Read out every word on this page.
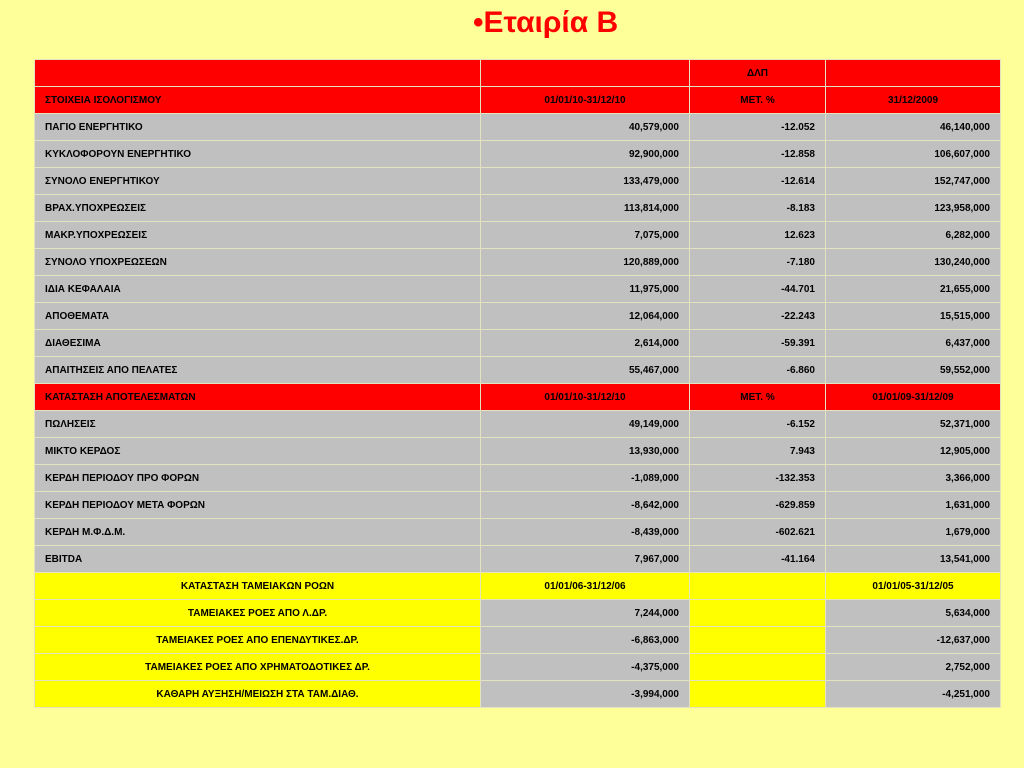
•Εταιρία Β
		ΔΛΠ	
ΣΤΟΙΧΕΙΑ ΙΣΟΛΟΓΙΣΜΟΥ	01/01/10-31/12/10	ΜΕΤ. %	31/12/2009
ΠΑΓΙΟ ΕΝΕΡΓΗΤΙΚΟ	40,579,000	-12.052	46,140,000
ΚΥΚΛΟΦΟΡΟΥΝ ΕΝΕΡΓΗΤΙΚΟ	92,900,000	-12.858	106,607,000
ΣΥΝΟΛΟ ΕΝΕΡΓΗΤΙΚΟΥ	133,479,000	-12.614	152,747,000
ΒΡΑΧ.ΥΠΟΧΡΕΩΣΕΙΣ	113,814,000	-8.183	123,958,000
ΜΑΚΡ.ΥΠΟΧΡΕΩΣΕΙΣ	7,075,000	12.623	6,282,000
ΣΥΝΟΛΟ ΥΠΟΧΡΕΩΣΕΩΝ	120,889,000	-7.180	130,240,000
ΙΔΙΑ ΚΕΦΑΛΑΙΑ	11,975,000	-44.701	21,655,000
ΑΠΟΘΕΜΑΤΑ	12,064,000	-22.243	15,515,000
ΔΙΑΘΕΣΙΜΑ	2,614,000	-59.391	6,437,000
ΑΠΑΙΤΗΣΕΙΣ ΑΠΟ ΠΕΛΑΤΕΣ	55,467,000	-6.860	59,552,000
ΚΑΤΑΣΤΑΣΗ ΑΠΟΤΕΛΕΣΜΑΤΩΝ	01/01/10-31/12/10	ΜΕΤ. %	01/01/09-31/12/09
ΠΩΛΗΣΕΙΣ	49,149,000	-6.152	52,371,000
ΜΙΚΤΟ ΚΕΡΔΟΣ	13,930,000	7.943	12,905,000
ΚΕΡΔΗ ΠΕΡΙΟΔΟΥ ΠΡΟ ΦΟΡΩΝ	-1,089,000	-132.353	3,366,000
ΚΕΡΔΗ ΠΕΡΙΟΔΟΥ ΜΕΤΑ ΦΟΡΩΝ	-8,642,000	-629.859	1,631,000
ΚΕΡΔΗ Μ.Φ.Δ.Μ.	-8,439,000	-602.621	1,679,000
EBITDA	7,967,000	-41.164	13,541,000
ΚΑΤΑΣΤΑΣΗ ΤΑΜΕΙΑΚΩΝ ΡΟΩΝ	01/01/06-31/12/06		01/01/05-31/12/05
ΤΑΜΕΙΑΚΕΣ ΡΟΕΣ ΑΠΟ Λ.ΔΡ.	7,244,000		5,634,000
ΤΑΜΕΙΑΚΕΣ ΡΟΕΣ ΑΠΟ ΕΠΕΝΔΥΤΙΚΕΣ.ΔΡ.	-6,863,000		-12,637,000
ΤΑΜΕΙΑΚΕΣ ΡΟΕΣ ΑΠΟ ΧΡΗΜΑΤΟΔΟΤΙΚΕΣ ΔΡ.	-4,375,000		2,752,000
ΚΑΘΑΡΗ ΑΥΞΗΣΗ/ΜΕΙΩΣΗ ΣΤΑ ΤΑΜ.ΔΙΑΘ.	-3,994,000		-4,251,000
